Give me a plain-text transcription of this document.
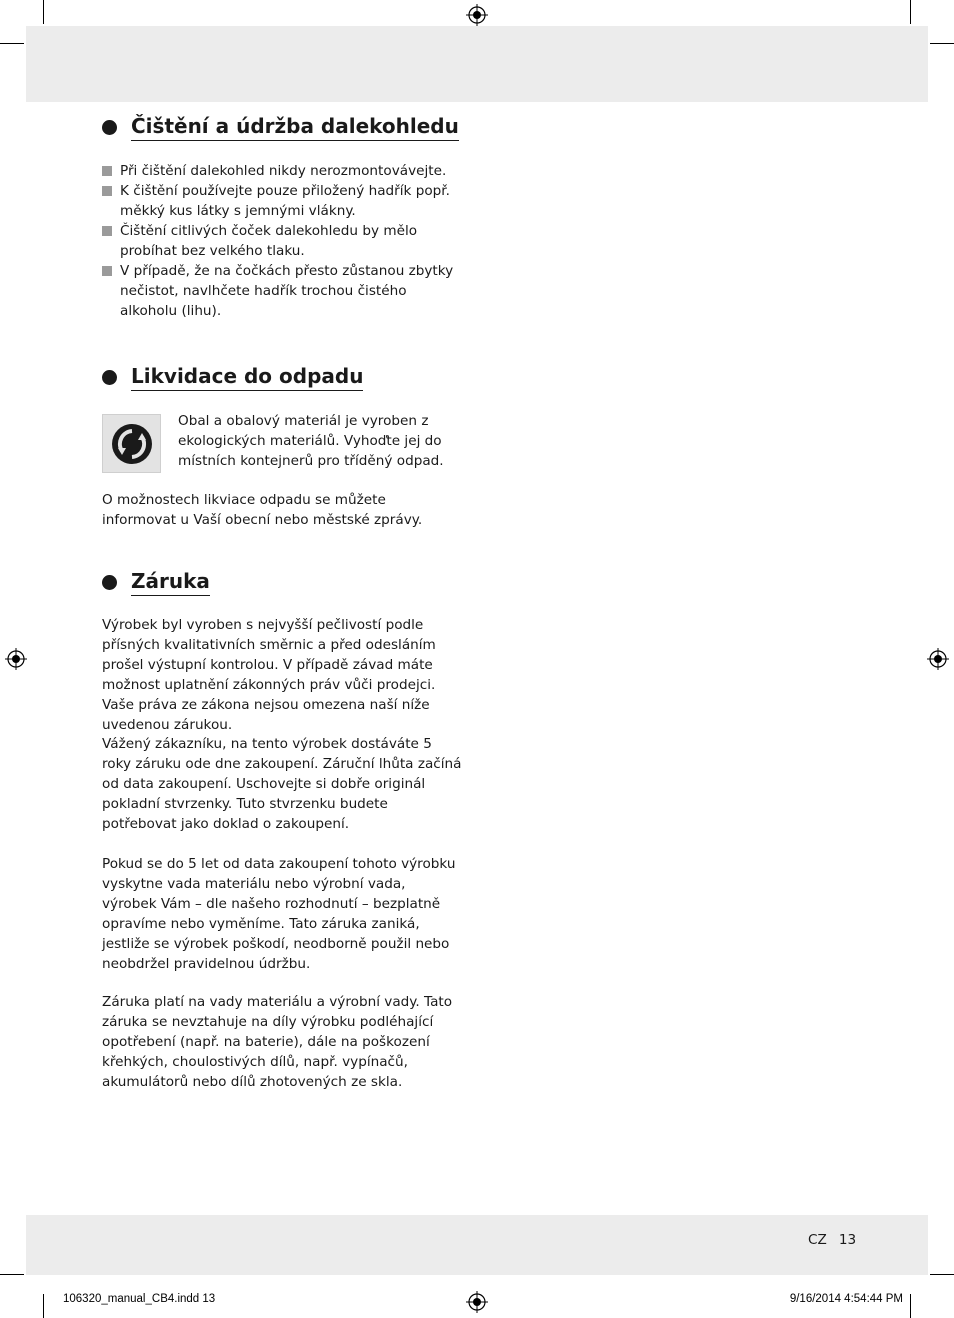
Čištění a údržba dalekohledu
Při čištění dalekohled nikdy nerozmontovávejte.
K čištění používejte pouze přiložený hadřík popř. měkký kus látky s jemnými vlákny.
Čištění citlivých čoček dalekohledu by mělo probíhat bez velkého tlaku.
V případě, že na čočkách přesto zůstanou zbytky nečistot, navlhčete hadřík trochou čistého alkoholu (lihu).
Likvidace do odpadu

Obal a obalový materiál je vyroben z ekologických materiálů. Vyhoďte jej do místních kontejnerů pro tříděný odpad.

O možnostech likviace odpadu se můžete informovat u Vaší obecní nebo městské zprávy.

Záruka

Výrobek byl vyroben s nejvyšší pečlivostí podle přísných kvalitativních směrnic a před odesláním prošel výstupní kontrolou. V případě závad máte možnost uplatnění zákonných práv vůči prodejci. Vaše práva ze zákona nejsou omezena naší níže uvedenou zárukou.

Vážený zákazníku, na tento výrobek dostáváte 5 roky záruku ode dne zakoupení. Záruční lhůta začíná od data zakoupení. Uschovejte si dobře originál pokladní stvrzenky. Tuto stvrzenku budete potřebovat jako doklad o zakoupení.

Pokud se do 5 let od data zakoupení tohoto výrobku vyskytne vada materiálu nebo výrobní vada, výrobek Vám – dle našeho rozhodnutí – bezplatně opravíme nebo vyměníme. Tato záruka zaniká, jestliže se výrobek poškodí, neodborně použil nebo neobdržel pravidelnou údržbu.

Záruka platí na vady materiálu a výrobní vady. Tato záruka se nevztahuje na díly výrobku podléhající opotřebení (např. na baterie), dále na poškození křehkých, choulostivých dílů, např. vypínačů, akumulátorů nebo dílů zhotovených ze skla.

CZ 13
106320_manual_CB4.indd 13	9/16/2014 4:54:44 PM
